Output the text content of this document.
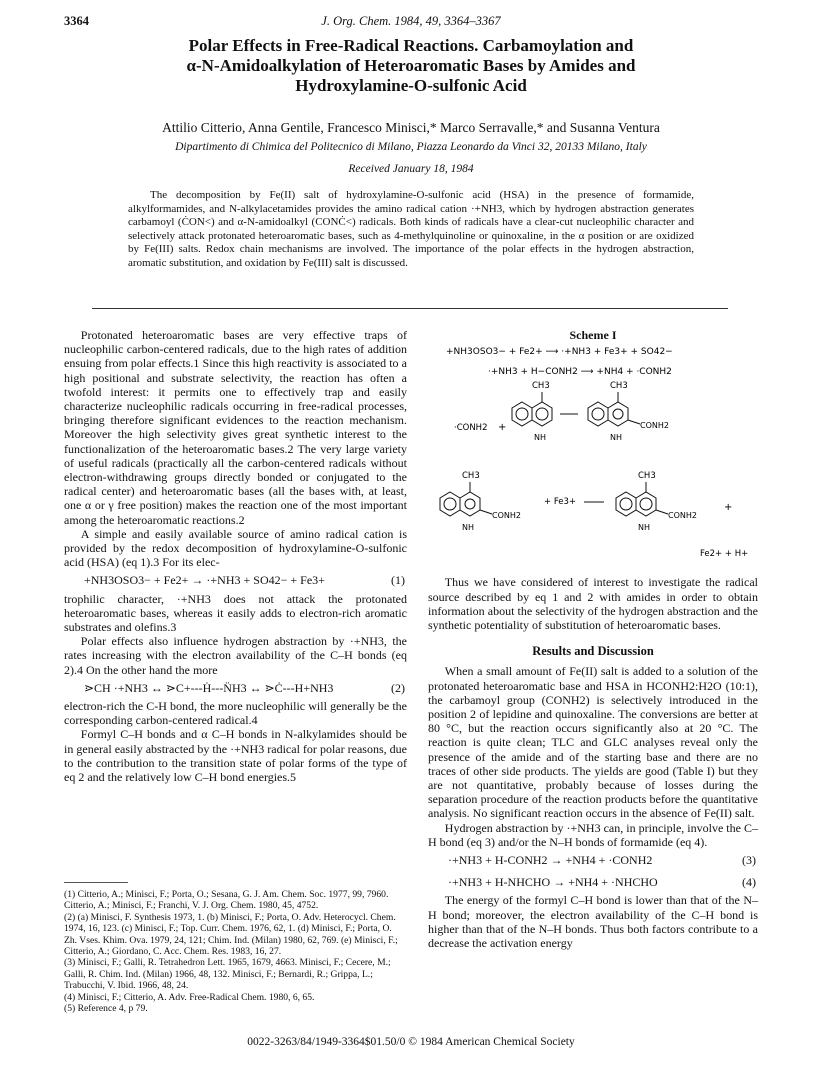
3364	J. Org. Chem. 1984, 49, 3364–3367
Polar Effects in Free-Radical Reactions. Carbamoylation and
α-N-Amidoalkylation of Heteroaromatic Bases by Amides and
Hydroxylamine-O-sulfonic Acid
Attilio Citterio, Anna Gentile, Francesco Minisci,* Marco Serravalle,* and Susanna Ventura
Dipartimento di Chimica del Politecnico di Milano, Piazza Leonardo da Vinci 32, 20133 Milano, Italy
Received January 18, 1984

The decomposition by Fe(II) salt of hydroxylamine-O-sulfonic acid (HSA) in the presence of formamide, alkylformamides, and N-alkylacetamides provides the amino radical cation ·+NH3, which by hydrogen abstraction generates carbamoyl (ĊON<) and α-N-amidoalkyl (CONĊ<) radicals. Both kinds of radicals have a clear-cut nucleophilic character and selectively attack protonated heteroaromatic bases, such as 4-methylquinoline or quinoxaline, in the α position or are oxidized by Fe(III) salts. Redox chain mechanisms are involved. The importance of the polar effects in the hydrogen abstraction, aromatic substitution, and oxidation by Fe(III) salt is discussed.

Protonated heteroaromatic bases are very effective traps of nucleophilic carbon-centered radicals, due to the high rates of addition ensuing from polar effects.1 Since this high reactivity is associated to a high positional and substrate selectivity, the reaction has often a twofold interest: it permits one to effectively trap and easily characterize nucleophilic radicals occurring in free-radical processes, bringing therefore significant evidences to the reaction mechanism. Moreover the high selectivity gives great synthetic interest to the functionalization of the heteroaromatic bases.2 The very large variety of useful radicals (practically all the carbon-centered radicals without electron-withdrawing groups directly bonded or conjugated to the radical center) and heteroaromatic bases (all the bases with, at least, one α or γ free position) makes the reaction one of the most important among the heteroaromatic reactions.2

A simple and easily available source of amino radical cation is provided by the redox decomposition of hydroxylamine-O-sulfonic acid (HSA) (eq 1).3 For its elec-

+NH3OSO3− + Fe2+ → ·+NH3 + SO42− + Fe3+	(1)

trophilic character, ·+NH3 does not attack the protonated heteroaromatic bases, whereas it easily adds to electron-rich aromatic substrates and olefins.3

Polar effects also influence hydrogen abstraction by ·+NH3, the rates increasing with the electron availability of the C–H bonds (eq 2).4 On the other hand the more

⋗CH ·+NH3 ↔ ⋗C+---Ḣ---N̈H3 ↔ ⋗Ċ---H+NH3	(2)

electron-rich the C-H bond, the more nucleophilic will generally be the corresponding carbon-centered radical.4

Formyl C–H bonds and α C–H bonds in N-alkylamides should be in general easily abstracted by the ·+NH3 radical for polar reasons, due to the contribution to the transition state of polar forms of the type of eq 2 and the relatively low C–H bond energies.5

(1) Citterio, A.; Minisci, F.; Porta, O.; Sesana, G. J. Am. Chem. Soc. 1977, 99, 7960. Citterio, A.; Minisci, F.; Franchi, V. J. Org. Chem. 1980, 45, 4752.

(2) (a) Minisci, F. Synthesis 1973, 1. (b) Minisci, F.; Porta, O. Adv. Heterocycl. Chem. 1974, 16, 123. (c) Minisci, F.; Top. Curr. Chem. 1976, 62, 1. (d) Minisci, F.; Porta, O. Zh. Vses. Khim. Ova. 1979, 24, 121; Chim. Ind. (Milan) 1980, 62, 769. (e) Minisci, F.; Citterio, A.; Giordano, C. Acc. Chem. Res. 1983, 16, 27.

(3) Minisci, F.; Galli, R. Tetrahedron Lett. 1965, 1679, 4663. Minisci, F.; Cecere, M.; Galli, R. Chim. Ind. (Milan) 1966, 48, 132. Minisci, F.; Bernardi, R.; Grippa, L.; Trabucchi, V. Ibid. 1966, 48, 24.

(4) Minisci, F.; Citterio, A. Adv. Free-Radical Chem. 1980, 6, 65.

(5) Reference 4, p 79.

Scheme I
+NH3OSO3− + Fe2+ ⟶ ·+NH3 + Fe3+ + SO42−
·+NH3 + H−CONH2 ⟶ +NH4 + ·CONH2
·CONH2 +
CH3
NH
CH3
CONH2
NH
CH3
CONH2
NH
+ Fe3+
CH3
CONH2
NH
+
Fe2+ + H+

Thus we have considered of interest to investigate the radical source described by eq 1 and 2 with amides in order to obtain information about the selectivity of the hydrogen abstraction and the synthetic potentiality of substitution of heteroaromatic bases.

Results and Discussion

When a small amount of Fe(II) salt is added to a solution of the protonated heteroaromatic base and HSA in HCONH2:H2O (10:1), the carbamoyl group (CONH2) is selectively introduced in the position 2 of lepidine and quinoxaline. The conversions are better at 80 °C, but the reaction occurs significantly also at 20 °C. The reaction is quite clean; TLC and GLC analyses reveal only the presence of the amide and of the starting base and there are no traces of other side products. The yields are good (Table I) but they are not quantitative, probably because of losses during the separation procedure of the reaction products before the quantitative analysis. No significant reaction occurs in the absence of Fe(II) salt.

Hydrogen abstraction by ·+NH3 can, in principle, involve the C–H bond (eq 3) and/or the N–H bonds of formamide (eq 4).

·+NH3 + H-CONH2 → +NH4 + ·CONH2	(3)
·+NH3 + H-NHCHO → +NH4 + ·NHCHO	(4)

The energy of the formyl C–H bond is lower than that of the N–H bond; moreover, the electron availability of the C–H bond is higher than that of the N–H bonds. Thus both factors contribute to a decrease the activation energy

0022-3263/84/1949-3364$01.50/0 © 1984 American Chemical Society
